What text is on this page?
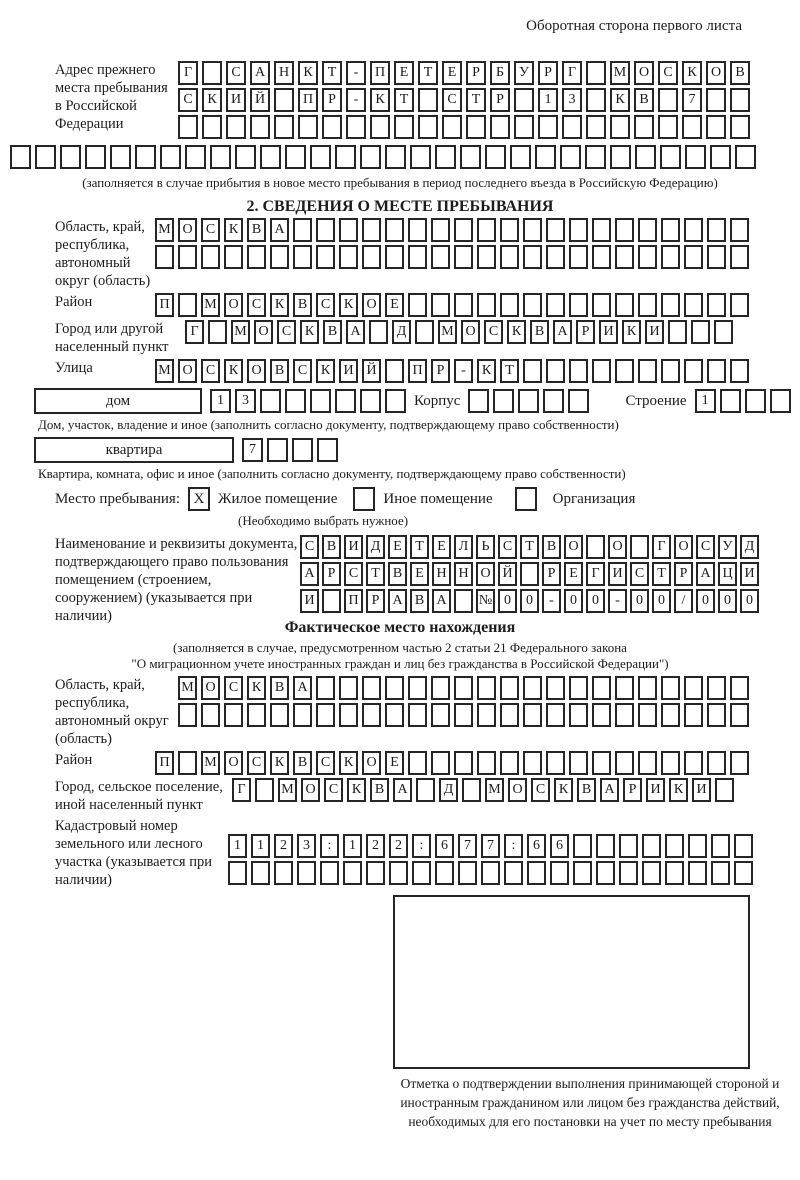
Оборотная сторона первого листа
Адрес прежнего места пребывания в Российской Федерации
Г	С	А Н	К	Т	-	П	Е	Т	Е	Р	Б	У	Р	Г	М О	С	К	О	В
С	К	И Й	П	Р	-	К	Т	С	Т	Р	1	3	К	В	7
(заполняется в случае прибытия в новое место пребывания в период последнего въезда в Российскую Федерацию)
2. СВЕДЕНИЯ О МЕСТЕ ПРЕБЫВАНИЯ
Область, край, республика, автономный округ (область)
М О С К В А
Район	П	М О С К В С К О Е
Город или другой населенный пункт
Г	М О С К В А	Д	М О С К В А	Р	И К И
Улица	М О С К О В С К И Й	П	Р	-	К	Т
дом	1	3	Корпус	Строение	1
Дом, участок, владение и иное (заполнить согласно документу, подтверждающему право собственности)
квартира	7
Квартира, комната, офис и иное (заполнить согласно документу, подтверждающему право собственности)
Место пребывания: X Жилое помещение	Иное помещение	Организация
(Необходимо выбрать нужное)
Наименование и реквизиты документа, подтверждающего право пользования помещением (строением, сооружением) (указывается при наличии)
С В И Д Е Т Е Л Ь С Т В О	О	Г О С У Д
А Р С Т В Е Н Н О Й	Р Е Г И С Т Р А Ц И
И	П Р А В А	№ 0	0	-	0	0	-	0	0	/	0	0	0
Фактическое место нахождения
(заполняется в случае, предусмотренном частью 2 статьи 21 Федерального закона
"О миграционном учете иностранных граждан и лиц без гражданства в Российской Федерации")
Область, край, республика, автономный округ (область)
М О С К В А
Район	П	М О С К В С К О Е
Город, сельское поселение, иной населенный пункт
Г	М О С К В А	Д	М О С К В А	Р	И К И
Кадастровый номер земельного или лесного участка (указывается при наличии)
1	1	2	3	:	1	2	2	:	6	7	7	:	6	6
Отметка о подтверждении выполнения принимающей стороной и иностранным гражданином или лицом без гражданства действий, необходимых для его постановки на учет по месту пребывания
